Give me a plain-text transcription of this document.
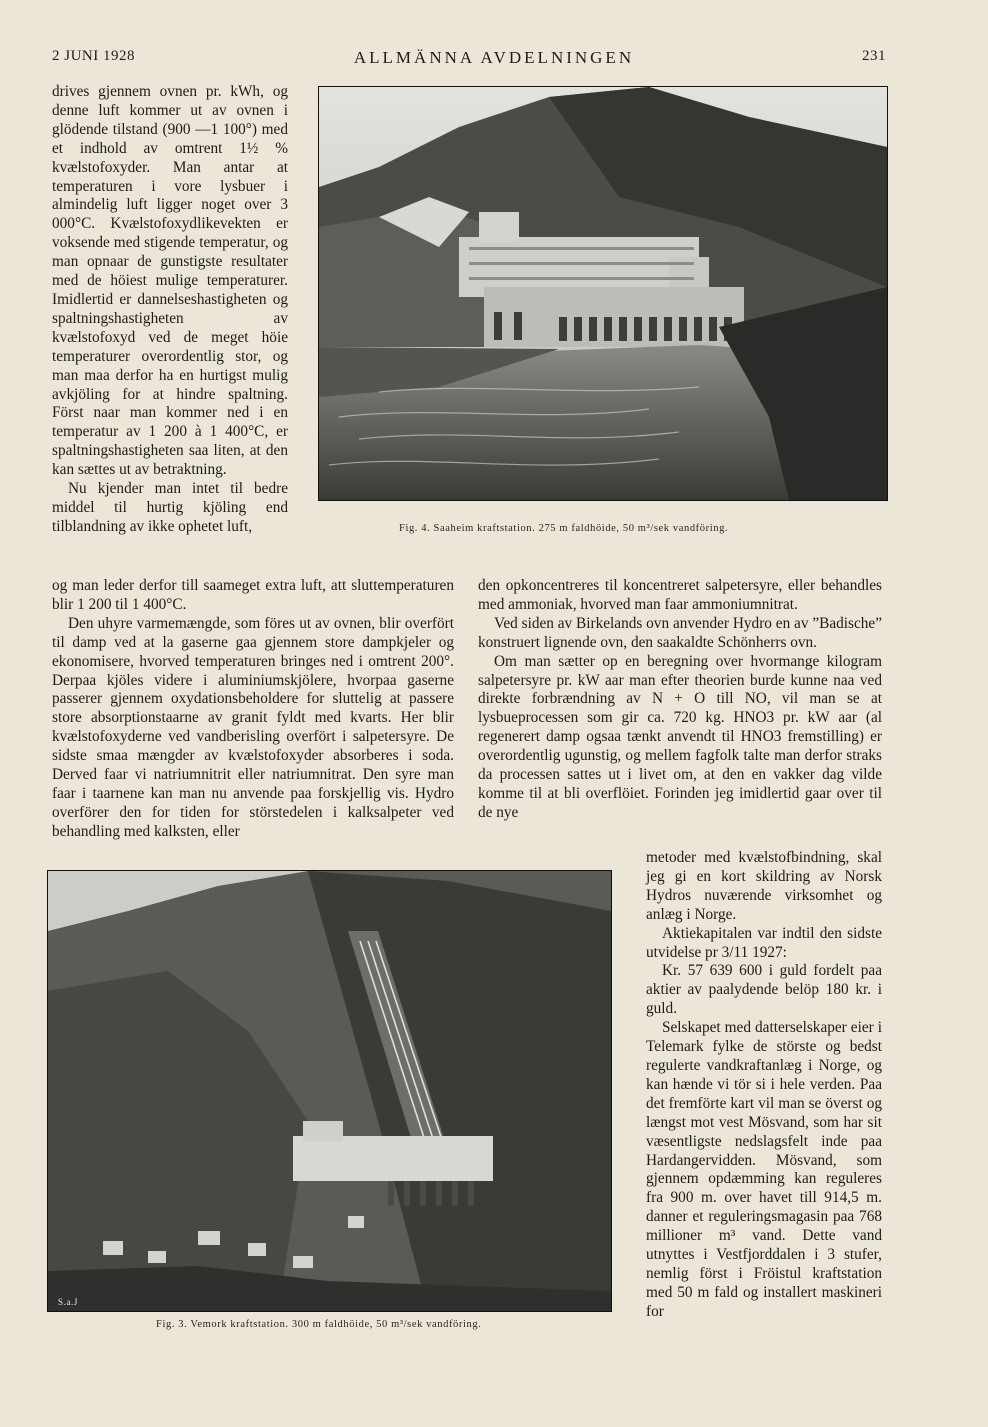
2 JUNI 1928	ALLMÄNNA AVDELNINGEN	231

drives gjennem ovnen pr. kWh, og denne luft kommer ut av ovnen i glödende tilstand (900 —1 100°) med et indhold av omtrent 1½ % kvælstofoxyder. Man antar at temperaturen i vore lysbuer i almindelig luft ligger noget over 3 000°C. Kvælstofoxydlikevekten er voksende med stigende temperatur, og man opnaar de gunstigste resultater med de höiest mulige temperaturer. Imidlertid er dannelseshastigheten og spaltningshastigheten av kvælstofoxyd ved de meget höie temperaturer overordentlig stor, og man maa derfor ha en hurtigst mulig avkjöling for at hindre spaltning. Först naar man kommer ned i en temperatur av 1 200 à 1 400°C, er spaltningshastigheten saa liten, at den kan sættes ut av betraktning.

Nu kjender man intet til bedre middel til hurtig kjöling end tilblandning av ikke ophetet luft,

og man leder derfor till saameget extra luft, att sluttemperaturen blir 1 200 til 1 400°C.

Den uhyre varmemængde, som föres ut av ovnen, blir overfört til damp ved at la gaserne gaa gjennem store dampkjeler og ekonomisere, hvorved temperaturen bringes ned i omtrent 200°. Derpaa kjöles videre i aluminiumskjölere, hvorpaa gaserne passerer gjennem oxydationsbeholdere for sluttelig at passere store absorptionstaarne av granit fyldt med kvarts. Her blir kvælstofoxyderne ved vandberisling overfört i salpetersyre. De sidste smaa mængder av kvælstofoxyder absorberes i soda. Derved faar vi natriumnitrit eller natriumnitrat. Den syre man faar i taarnene kan man nu anvende paa forskjellig vis. Hydro overförer den for tiden for störstedelen i kalksalpeter ved behandling med kalksten, eller

den opkoncentreres til koncentreret salpetersyre, eller behandles med ammoniak, hvorved man faar ammoniumnitrat.

Ved siden av Birkelands ovn anvender Hydro en av ”Badische” konstruert lignende ovn, den saakaldte Schönherrs ovn.

Om man sætter op en beregning over hvormange kilogram salpetersyre pr. kW aar man efter theorien burde kunne naa ved direkte forbrændning av N + O till NO, vil man se at lysbueprocessen som gir ca. 720 kg. HNO3 pr. kW aar (al regenerert damp ogsaa tænkt anvendt til HNO3 fremstilling) er overordentlig ugunstig, og mellem fagfolk talte man derfor straks da processen sattes ut i livet om, at den en vakker dag vilde komme til at bli overflöiet. Forinden jeg imidlertid gaar over til de nye

metoder med kvælstofbindning, skal jeg gi en kort skildring av Norsk Hydros nuværende virksomhet og anlæg i Norge.

Aktiekapitalen var indtil den sidste utvidelse pr 3/11 1927:

Kr. 57 639 600 i guld fordelt paa aktier av paalydende belöp 180 kr. i guld.

Selskapet med datterselskaper eier i Telemark fylke de störste og bedst regulerte vandkraftanlæg i Norge, og kan hænde vi tör si i hele verden. Paa det fremförte kart vil man se överst og længst mot vest Mösvand, som har sit væsentligste nedslagsfelt inde paa Hardangervidden. Mösvand, som gjennem opdæmming kan reguleres fra 900 m. over havet till 914,5 m. danner et reguleringsmagasin paa 768 millioner m³ vand. Dette vand utnyttes i Vestfjorddalen i 3 stufer, nemlig först i Fröistul kraftstation med 50 m fald og installert maskineri for

Fig. 4. Saaheim kraftstation. 275 m faldhöide, 50 m³/sek vandföring.
S.a.J
Fig. 3. Vemork kraftstation. 300 m faldhöide, 50 m³/sek vandföring.
